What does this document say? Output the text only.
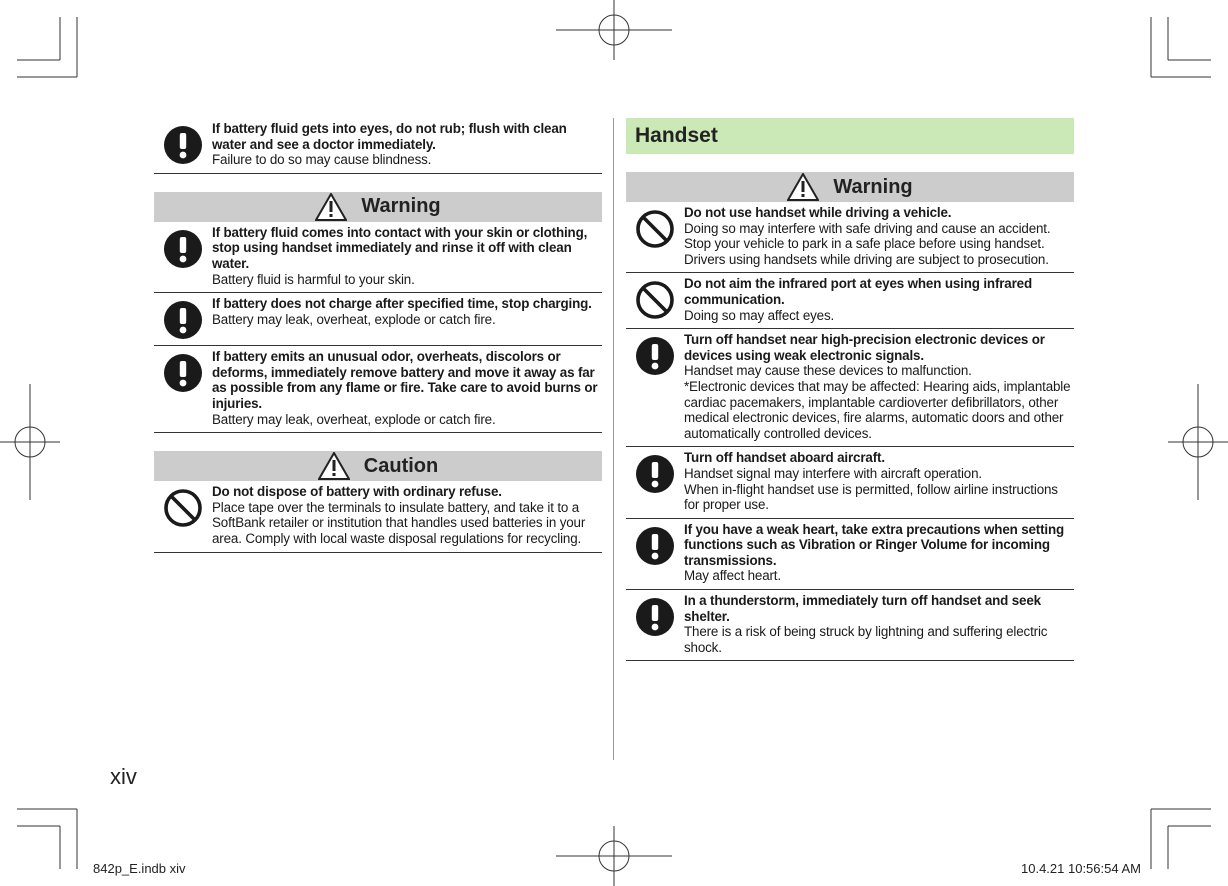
If battery fluid gets into eyes, do not rub; flush with clean water and see a doctor immediately.
Failure to do so may cause blindness.
Warning
If battery fluid comes into contact with your skin or clothing, stop using handset immediately and rinse it off with clean water.
Battery fluid is harmful to your skin.
If battery does not charge after specified time, stop charging.
Battery may leak, overheat, explode or catch fire.
If battery emits an unusual odor, overheats, discolors or deforms, immediately remove battery and move it away as far as possible from any flame or fire. Take care to avoid burns or injuries.
Battery may leak, overheat, explode or catch fire.
Caution
Do not dispose of battery with ordinary refuse.
Place tape over the terminals to insulate battery, and take it to a SoftBank retailer or institution that handles used batteries in your area. Comply with local waste disposal regulations for recycling.
Handset
Warning
Do not use handset while driving a vehicle.
Doing so may interfere with safe driving and cause an accident. Stop your vehicle to park in a safe place before using handset. Drivers using handsets while driving are subject to prosecution.
Do not aim the infrared port at eyes when using infrared communication.
Doing so may affect eyes.
Turn off handset near high-precision electronic devices or devices using weak electronic signals.
Handset may cause these devices to malfunction.
*Electronic devices that may be affected: Hearing aids, implantable cardiac pacemakers, implantable cardioverter defibrillators, other medical electronic devices, fire alarms, automatic doors and other automatically controlled devices.
Turn off handset aboard aircraft.
Handset signal may interfere with aircraft operation.
When in-flight handset use is permitted, follow airline instructions for proper use.
If you have a weak heart, take extra precautions when setting functions such as Vibration or Ringer Volume for incoming transmissions.
May affect heart.
In a thunderstorm, immediately turn off handset and seek shelter.
There is a risk of being struck by lightning and suffering electric shock.
xiv
842p_E.indb xiv	10.4.21 10:56:54 AM
